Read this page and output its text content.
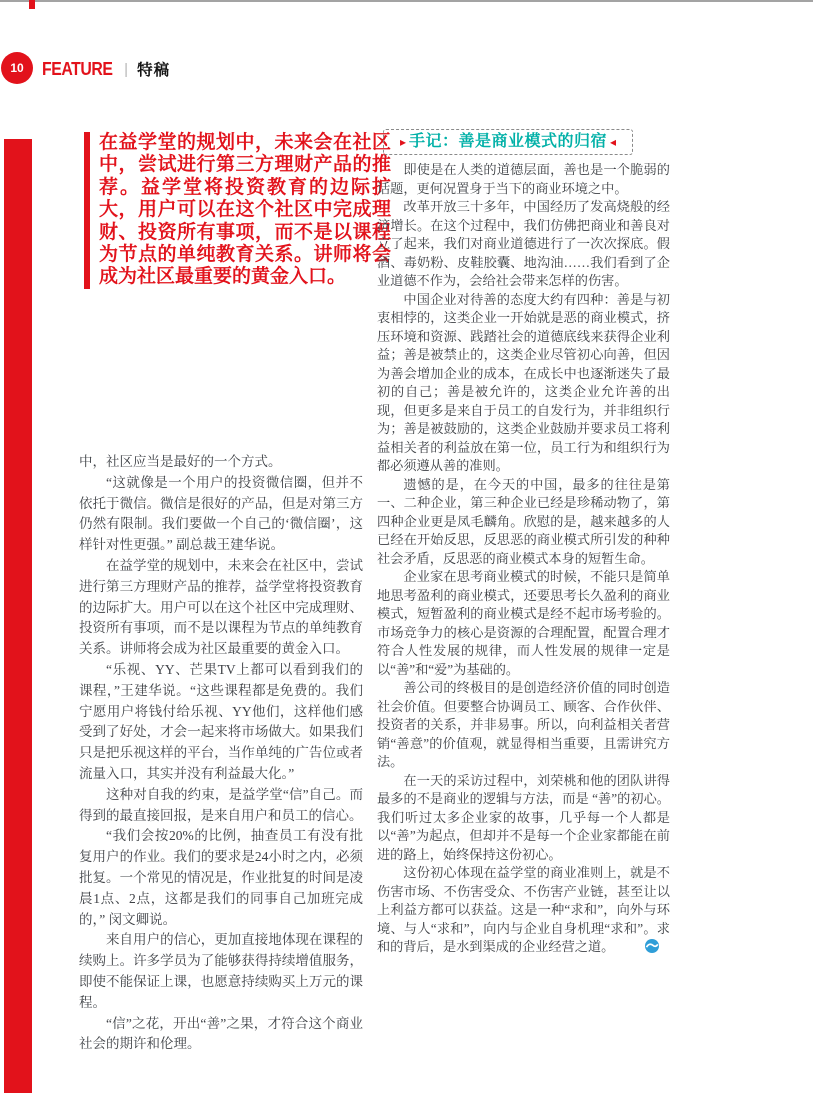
10 FEATURE | 特稿
在益学堂的规划中，未来会在社区中，尝试进行第三方理财产品的推荐。益学堂将投资教育的边际扩大，用户可以在这个社区中完成理财、投资所有事项，而不是以课程为节点的单纯教育关系。讲师将会成为社区最重要的黄金入口。

中，社区应当是最好的一个方式。

“这就像是一个用户的投资微信圈，但并不依托于微信。微信是很好的产品，但是对第三方仍然有限制。我们要做一个自己的‘微信圈’，这样针对性更强。” 副总裁王建华说。

在益学堂的规划中，未来会在社区中，尝试进行第三方理财产品的推荐，益学堂将投资教育的边际扩大。用户可以在这个社区中完成理财、投资所有事项，而不是以课程为节点的单纯教育关系。讲师将会成为社区最重要的黄金入口。

“乐视、YY、芒果TV上都可以看到我们的课程，”王建华说。“这些课程都是免费的。我们宁愿用户将钱付给乐视、YY他们，这样他们感受到了好处，才会一起来将市场做大。如果我们只是把乐视这样的平台，当作单纯的广告位或者流量入口，其实并没有利益最大化。”

这种对自我的约束，是益学堂“信”自己。而得到的最直接回报，是来自用户和员工的信心。

“我们会按20%的比例，抽查员工有没有批复用户的作业。我们的要求是24小时之内，必须批复。一个常见的情况是，作业批复的时间是凌晨1点、2点，这都是我们的同事自己加班完成的，” 闵文卿说。

来自用户的信心，更加直接地体现在课程的续购上。许多学员为了能够获得持续增值服务，即使不能保证上课，也愿意持续购买上万元的课程。

“信”之花，开出“善”之果，才符合这个商业社会的期许和伦理。

▸ 手记：善是商业模式的归宿 ◂

即使是在人类的道德层面，善也是一个脆弱的话题，更何况置身于当下的商业环境之中。

改革开放三十多年，中国经历了发高烧般的经济增长。在这个过程中，我们仿佛把商业和善良对立了起来，我们对商业道德进行了一次次探底。假酒、毒奶粉、皮鞋胶囊、地沟油……我们看到了企业道德不作为，会给社会带来怎样的伤害。

中国企业对待善的态度大约有四种：善是与初衷相悖的，这类企业一开始就是恶的商业模式，挤压环境和资源、践踏社会的道德底线来获得企业利益；善是被禁止的，这类企业尽管初心向善，但因为善会增加企业的成本，在成长中也逐渐迷失了最初的自己；善是被允许的，这类企业允许善的出现，但更多是来自于员工的自发行为，并非组织行为；善是被鼓励的，这类企业鼓励并要求员工将利益相关者的利益放在第一位，员工行为和组织行为都必须遵从善的准则。

遗憾的是，在今天的中国，最多的往往是第一、二种企业，第三种企业已经是珍稀动物了，第四种企业更是凤毛麟角。欣慰的是，越来越多的人已经在开始反思，反思恶的商业模式所引发的种种社会矛盾，反思恶的商业模式本身的短暂生命。

企业家在思考商业模式的时候，不能只是简单地思考盈利的商业模式，还要思考长久盈利的商业模式，短暂盈利的商业模式是经不起市场考验的。市场竞争力的核心是资源的合理配置，配置合理才符合人性发展的规律，而人性发展的规律一定是以“善”和“爱”为基础的。

善公司的终极目的是创造经济价值的同时创造社会价值。但要整合协调员工、顾客、合作伙伴、投资者的关系，并非易事。所以，向利益相关者营销“善意”的价值观，就显得相当重要，且需讲究方法。

在一天的采访过程中，刘荣桃和他的团队讲得最多的不是商业的逻辑与方法，而是 “善”的初心。我们听过太多企业家的故事，几乎每一个人都是以“善”为起点，但却并不是每一个企业家都能在前进的路上，始终保持这份初心。

这份初心体现在益学堂的商业准则上，就是不伤害市场、不伤害受众、不伤害产业链，甚至让以上利益方都可以获益。这是一种“求和”，向外与环境、与人“求和”，向内与企业自身机理“求和”。求和的背后，是水到渠成的企业经营之道。
